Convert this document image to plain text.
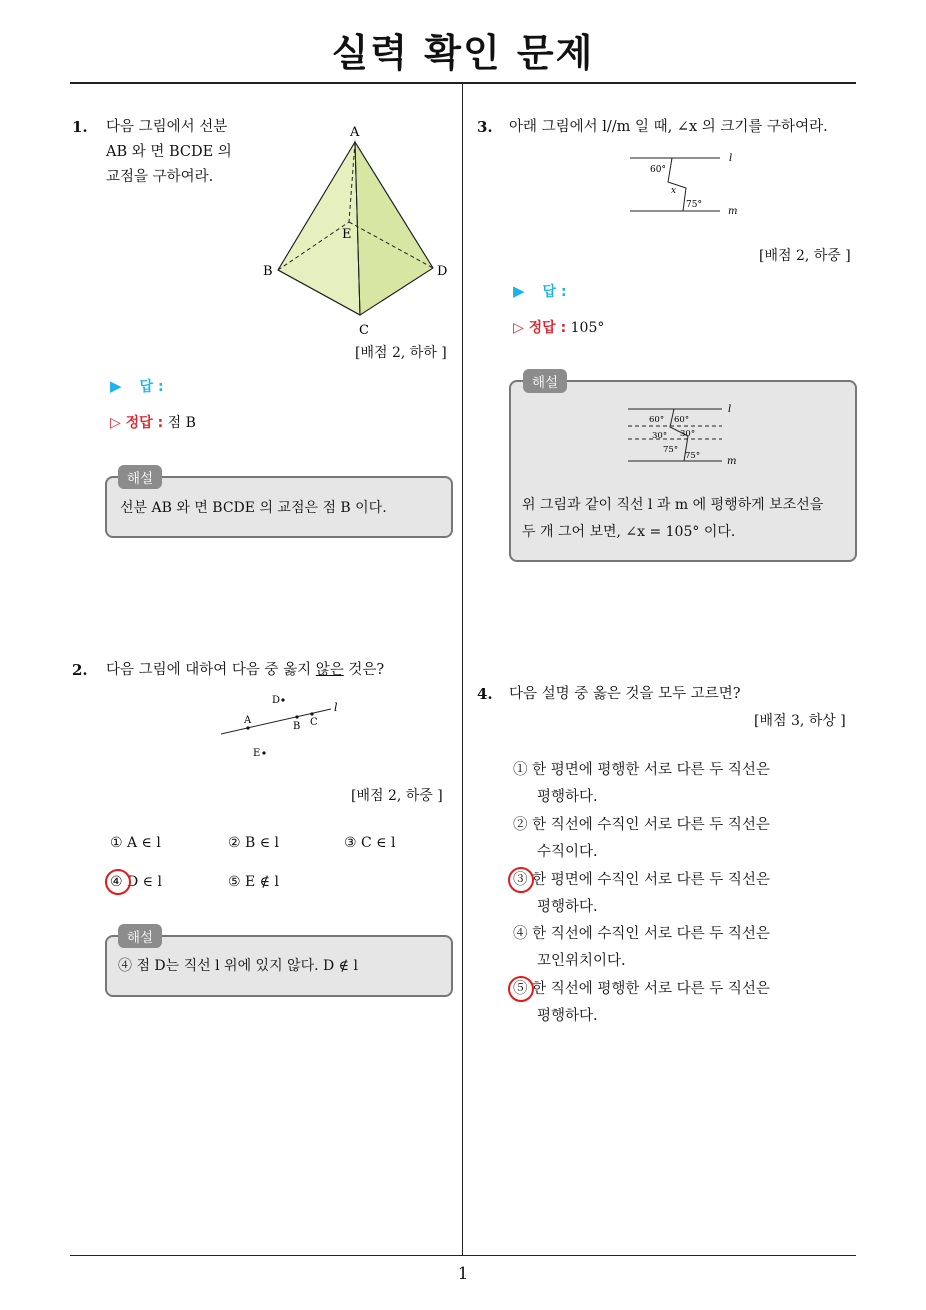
실력 확인 문제
1
1. 다음 그림에서 선분
AB 와 면 BCDE 의
교점을 구하여라.
A
B
C
D
E
[배점 2, 하하 ]
▶ 답 :
▷ 정답 : 점 B
해설
선분 AB 와 면 BCDE 의 교점은 점 B 이다.
2. 다음 그림에 대하여 다음 중 옳지 않은 것은?
D
A
B C
l
E
[배점 2, 하중 ]
① A ∈ l	② B ∈ l	③ C ∈ l
④ D ∈ l	⑤ E ∉ l
해설
④ 점 D는 직선 l 위에 있지 않다. D ∉ l
3. 아래 그림에서 l//m 일 때, ∠x 의 크기를 구하여라.
60°
x
75°
l
m
[배점 2, 하중 ]
▶ 답 :
▷ 정답 : 105°
해설
60° 60°
30° 30°
75°
75°
l
m
위 그림과 같이 직선 l 과 m 에 평행하게 보조선을
두 개 그어 보면, ∠x = 105° 이다.
4. 다음 설명 중 옳은 것을 모두 고르면?
[배점 3, 하상 ]
① 한 평면에 평행한 서로 다른 두 직선은
평행하다.
② 한 직선에 수직인 서로 다른 두 직선은
수직이다.
③ 한 평면에 수직인 서로 다른 두 직선은
평행하다.
④ 한 직선에 수직인 서로 다른 두 직선은
꼬인위치이다.
⑤ 한 직선에 평행한 서로 다른 두 직선은
평행하다.
